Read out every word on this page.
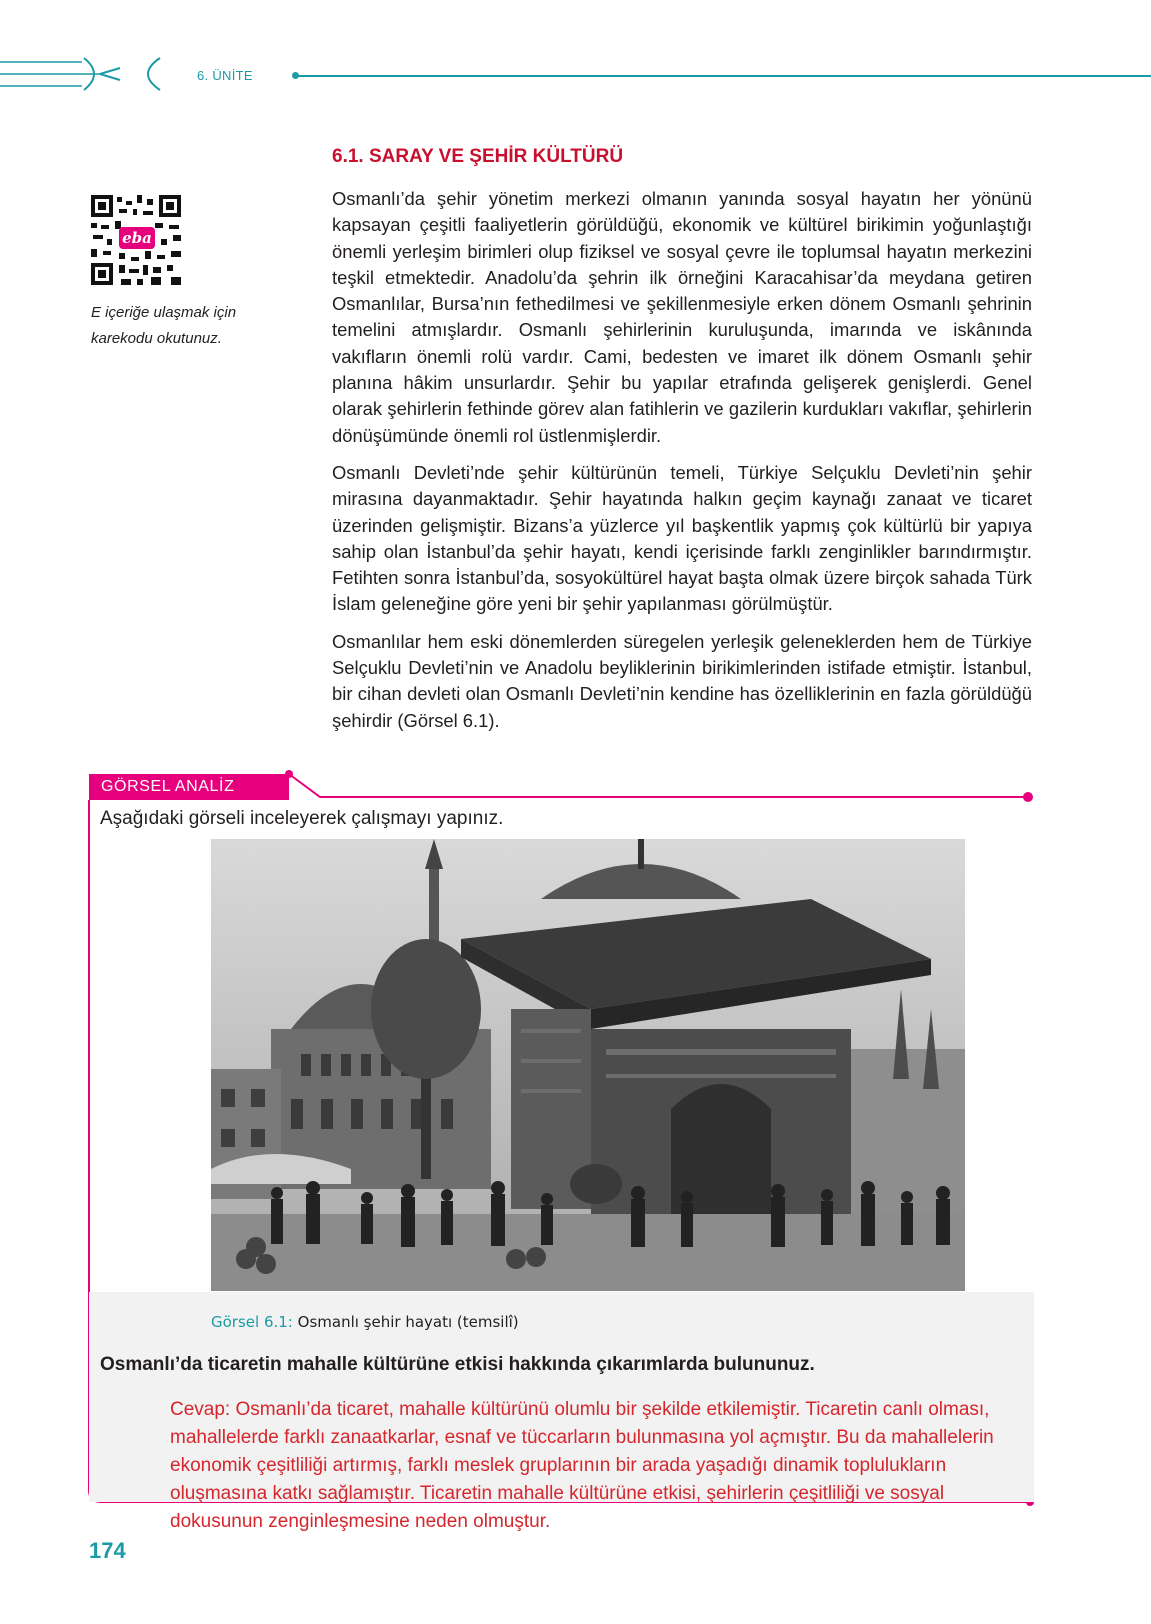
6. ÜNİTE
eba
E içeriğe ulaşmak için karekodu okutunuz.
6.1. SARAY VE ŞEHİR KÜLTÜRÜ

Osmanlı’da şehir yönetim merkezi olmanın yanında sosyal hayatın her yönünü kapsayan çeşitli faaliyetlerin görüldüğü, ekonomik ve kültürel birikimin yoğunlaştığı önemli yerleşim birimleri olup fiziksel ve sosyal çevre ile toplumsal hayatın merkezini teşkil etmektedir. Anadolu’da şehrin ilk örneğini Karacahisar’da meydana getiren Osmanlılar, Bursa’nın fethedilmesi ve şekillenmesiyle erken dönem Osmanlı şehrinin temelini atmışlardır. Osmanlı şehirlerinin kuruluşunda, imarında ve iskânında vakıfların önemli rolü vardır. Cami, bedesten ve imaret ilk dönem Osmanlı şehir planına hâkim unsurlardır. Şehir bu yapılar etrafında gelişerek genişlerdi. Genel olarak şehirlerin fethinde görev alan fatihlerin ve gazilerin kurdukları vakıflar, şehirlerin dönüşümünde önemli rol üstlenmişlerdir.

Osmanlı Devleti’nde şehir kültürünün temeli, Türkiye Selçuklu Devleti’nin şehir mirasına dayanmaktadır. Şehir hayatında halkın geçim kaynağı zanaat ve ticaret üzerinden gelişmiştir. Bizans’a yüzlerce yıl başkentlik yapmış çok kültürlü bir yapıya sahip olan İstanbul’da şehir hayatı, kendi içerisinde farklı zenginlikler barındırmıştır. Fetihten sonra İstanbul’da, sosyokültürel hayat başta olmak üzere birçok sahada Türk İslam geleneğine göre yeni bir şehir yapılanması görülmüştür.

Osmanlılar hem eski dönemlerden süregelen yerleşik geleneklerden hem de Türkiye Selçuklu Devleti’nin ve Anadolu beyliklerinin birikimlerinden istifade etmiştir. İstanbul, bir cihan devleti olan Osmanlı Devleti’nin kendine has özelliklerinin en fazla görüldüğü şehirdir (Görsel 6.1).

GÖRSEL ANALİZ
Aşağıdaki görseli inceleyerek çalışmayı yapınız.
Görsel 6.1: Osmanlı şehir hayatı (temsilî)
Osmanlı’da ticaretin mahalle kültürüne etkisi hakkında çıkarımlarda bulununuz.
Cevap: Osmanlı’da ticaret, mahalle kültürünü olumlu bir şekilde etkilemiştir. Ticaretin canlı olması, mahallelerde farklı zanaatkarlar, esnaf ve tüccarların bulunmasına yol açmıştır. Bu da mahallelerin ekonomik çeşitliliği artırmış, farklı meslek gruplarının bir arada yaşadığı dinamik toplulukların oluşmasına katkı sağlamıştır. Ticaretin mahalle kültürüne etkisi, şehirlerin çeşitliliği ve sosyal dokusunun zenginleşmesine neden olmuştur.
174
